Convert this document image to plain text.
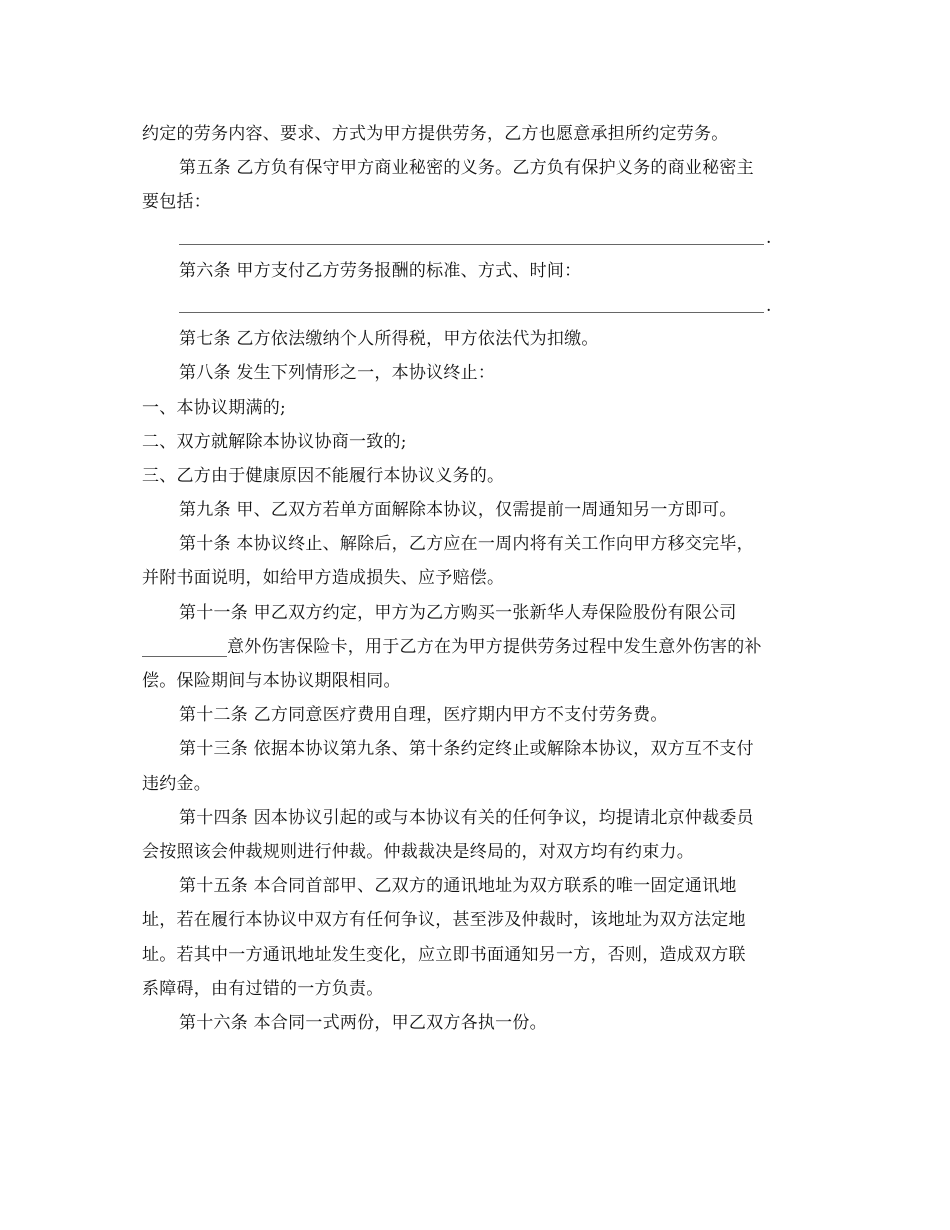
约定的劳务内容、要求、方式为甲方提供劳务，乙方也愿意承担所约定劳务。
第五条 乙方负有保守甲方商业秘密的义务。乙方负有保护义务的商业秘密主
要包括：
.
第六条 甲方支付乙方劳务报酬的标准、方式、时间：
.
第七条 乙方依法缴纳个人所得税，甲方依法代为扣缴。
第八条 发生下列情形之一，本协议终止：
一、本协议期满的;
二、双方就解除本协议协商一致的;
三、乙方由于健康原因不能履行本协议义务的。
第九条 甲、乙双方若单方面解除本协议，仅需提前一周通知另一方即可。
第十条 本协议终止、解除后，乙方应在一周内将有关工作向甲方移交完毕，
并附书面说明，如给甲方造成损失、应予赔偿。
第十一条 甲乙双方约定，甲方为乙方购买一张新华人寿保险股份有限公司
意外伤害保险卡，用于乙方在为甲方提供劳务过程中发生意外伤害的补
偿。保险期间与本协议期限相同。
第十二条 乙方同意医疗费用自理，医疗期内甲方不支付劳务费。
第十三条 依据本协议第九条、第十条约定终止或解除本协议，双方互不支付
违约金。
第十四条 因本协议引起的或与本协议有关的任何争议，均提请北京仲裁委员
会按照该会仲裁规则进行仲裁。仲裁裁决是终局的，对双方均有约束力。
第十五条 本合同首部甲、乙双方的通讯地址为双方联系的唯一固定通讯地
址，若在履行本协议中双方有任何争议，甚至涉及仲裁时，该地址为双方法定地
址。若其中一方通讯地址发生变化，应立即书面通知另一方，否则，造成双方联
系障碍，由有过错的一方负责。
第十六条 本合同一式两份，甲乙双方各执一份。
